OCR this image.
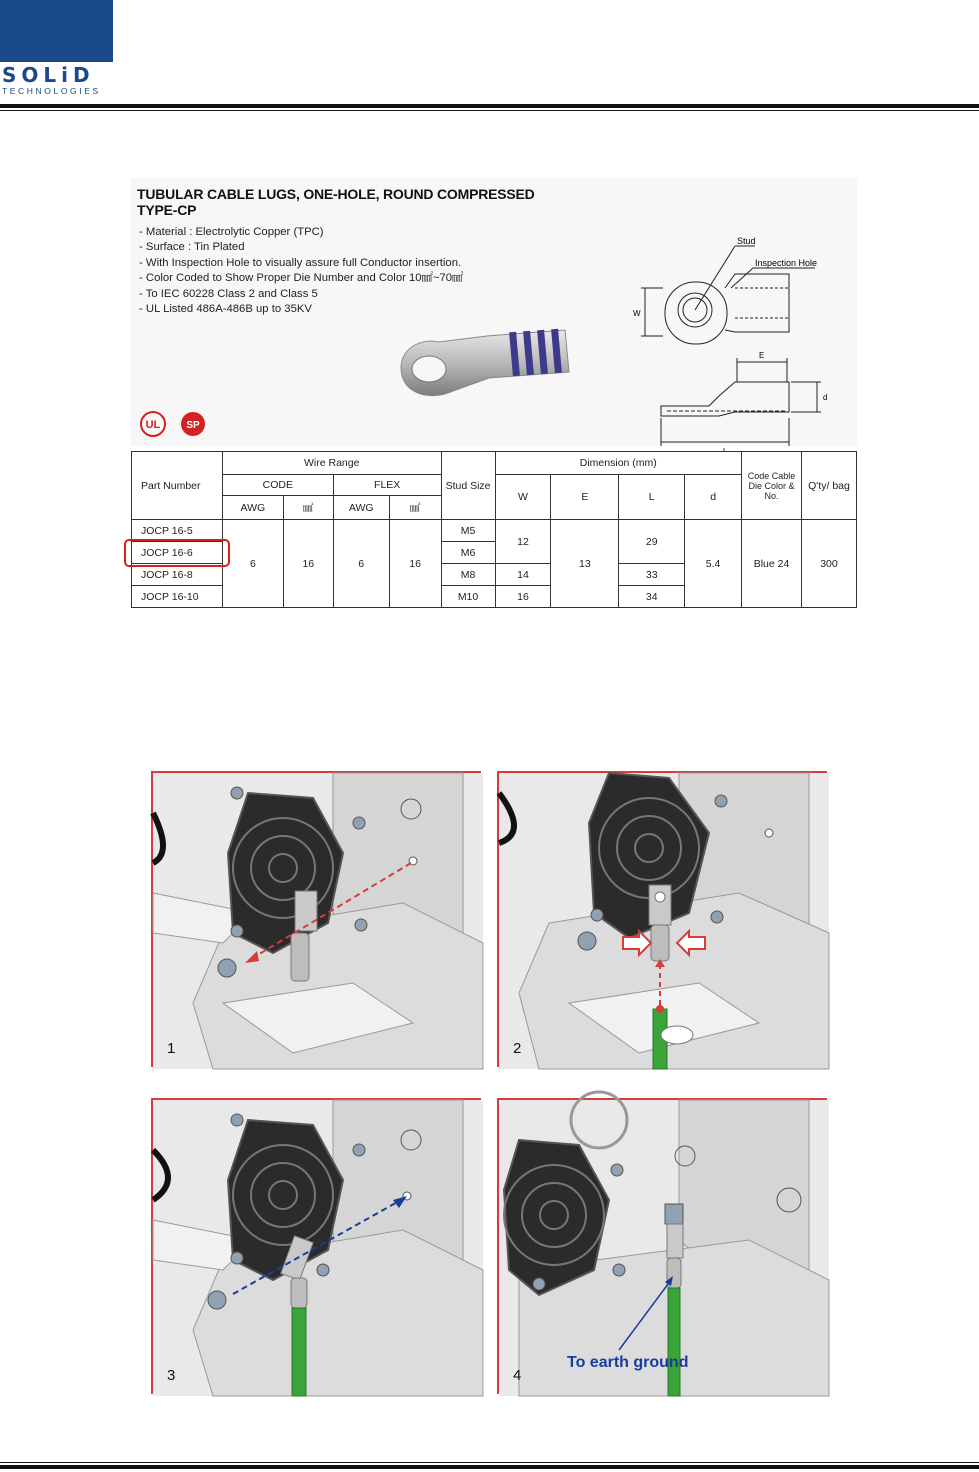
SOLiD
TECHNOLOGIES
TUBULAR CABLE LUGS, ONE-HOLE, ROUND COMPRESSED
TYPE-CP
- Material : Electrolytic Copper (TPC)
- Surface : Tin Plated
- With Inspection Hole to visually assure full Conductor insertion.
- Color Coded to Show Proper Die Number and Color 10㎟~70㎟
- To IEC 60228 Class 2 and Class 5
- UL Listed 486A-486B up to 35KV
Stud
Inspection Hole
W
E
d
UL	SP
Part Number	Wire Range				Stud Size	Dimension (mm)				Code Cable Die Color & No.	Q'ty/ bag
	CODE		FLEX			W	E	L	d		
	AWG	㎟	AWG	㎟							
JOCP 16-5	6	16	6	16	M5	12	13	29	5.4	Blue 24	300
JOCP 16-6					M6						
JOCP 16-8					M8	14		33			
JOCP 16-10					M10	16		34			
1	2
3
To earth ground
4
